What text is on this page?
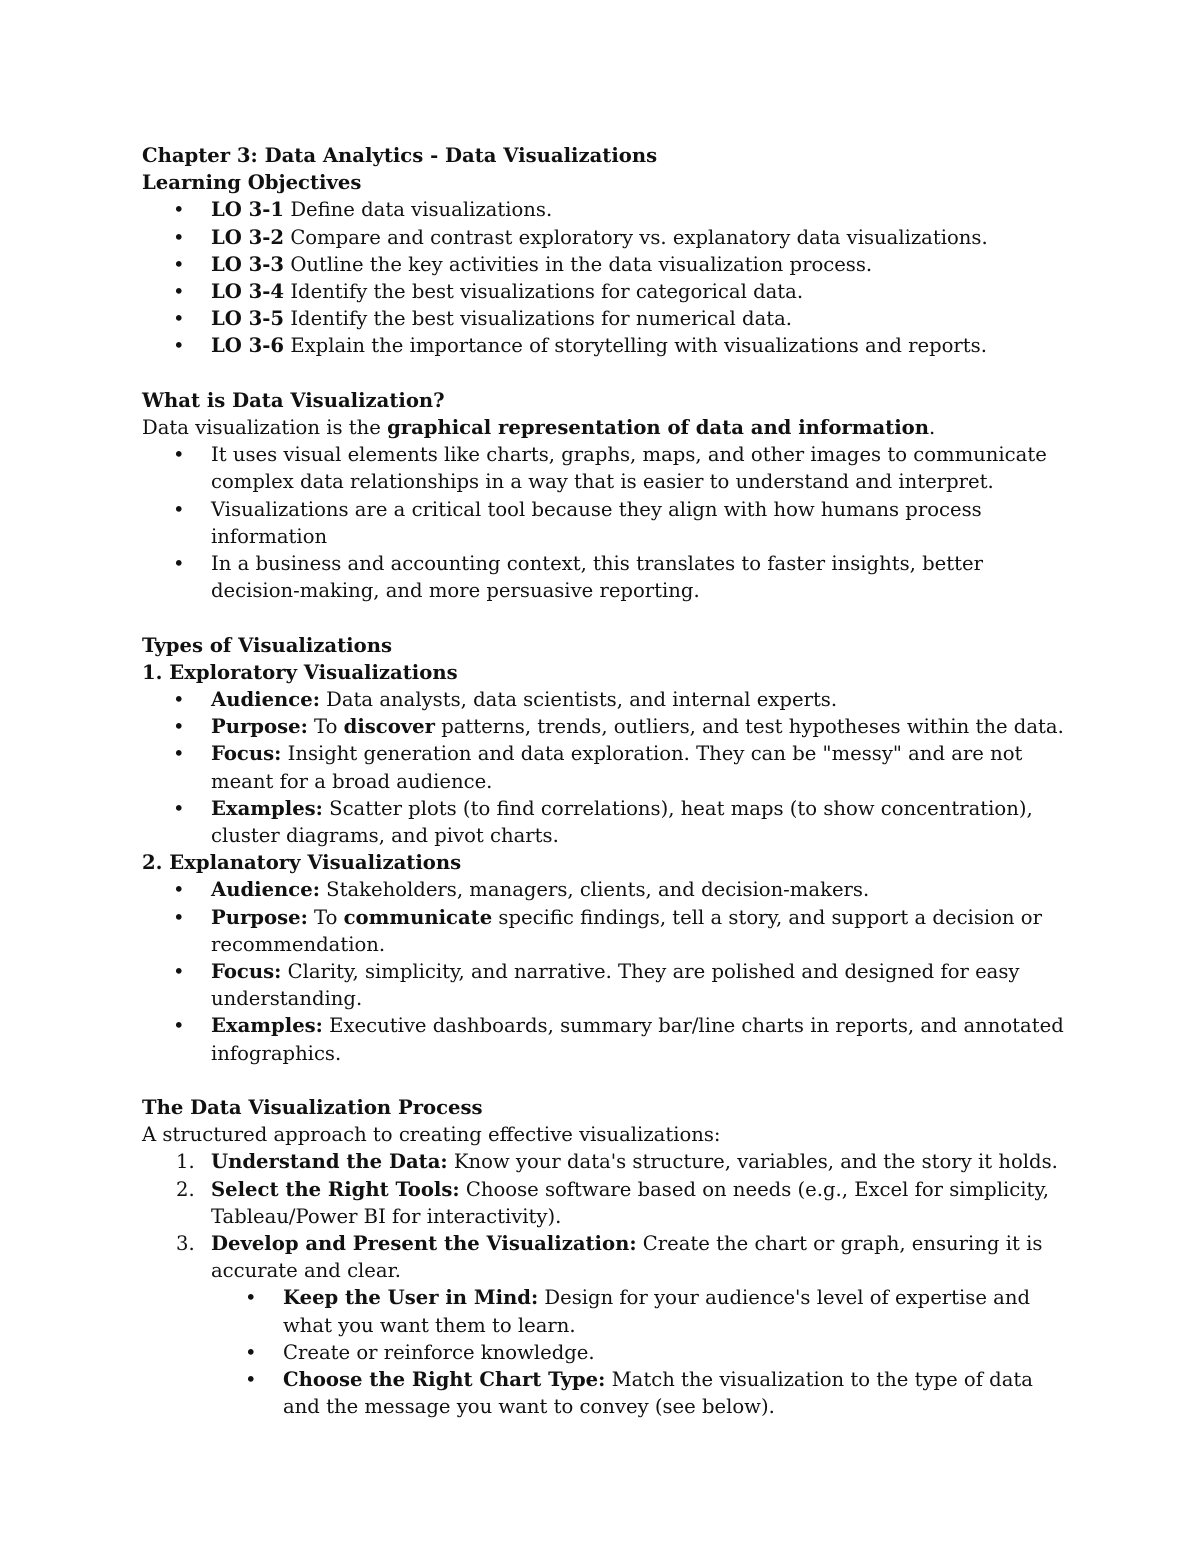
Chapter 3: Data Analytics - Data Visualizations

Learning Objectives

• LO 3-1 Define data visualizations.
• LO 3-2 Compare and contrast exploratory vs. explanatory data visualizations.
• LO 3-3 Outline the key activities in the data visualization process.
• LO 3-4 Identify the best visualizations for categorical data.
• LO 3-5 Identify the best visualizations for numerical data.
• LO 3-6 Explain the importance of storytelling with visualizations and reports.

What is Data Visualization?

Data visualization is the graphical representation of data and information.

• It uses visual elements like charts, graphs, maps, and other images to communicate complex data relationships in a way that is easier to understand and interpret.
• Visualizations are a critical tool because they align with how humans process information
• In a business and accounting context, this translates to faster insights, better decision-making, and more persuasive reporting.

Types of Visualizations

1. Exploratory Visualizations

• Audience: Data analysts, data scientists, and internal experts.
• Purpose: To discover patterns, trends, outliers, and test hypotheses within the data.
• Focus: Insight generation and data exploration. They can be "messy" and are not meant for a broad audience.
• Examples: Scatter plots (to find correlations), heat maps (to show concentration), cluster diagrams, and pivot charts.

2. Explanatory Visualizations

• Audience: Stakeholders, managers, clients, and decision-makers.
• Purpose: To communicate specific findings, tell a story, and support a decision or recommendation.
• Focus: Clarity, simplicity, and narrative. They are polished and designed for easy understanding.
• Examples: Executive dashboards, summary bar/line charts in reports, and annotated infographics.

The Data Visualization Process

A structured approach to creating effective visualizations:

1. Understand the Data: Know your data's structure, variables, and the story it holds.
2. Select the Right Tools: Choose software based on needs (e.g., Excel for simplicity, Tableau/Power BI for interactivity).
3. Develop and Present the Visualization: Create the chart or graph, ensuring it is accurate and clear.
• Keep the User in Mind: Design for your audience's level of expertise and what you want them to learn.
• Create or reinforce knowledge.
• Choose the Right Chart Type: Match the visualization to the type of data and the message you want to convey (see below).
